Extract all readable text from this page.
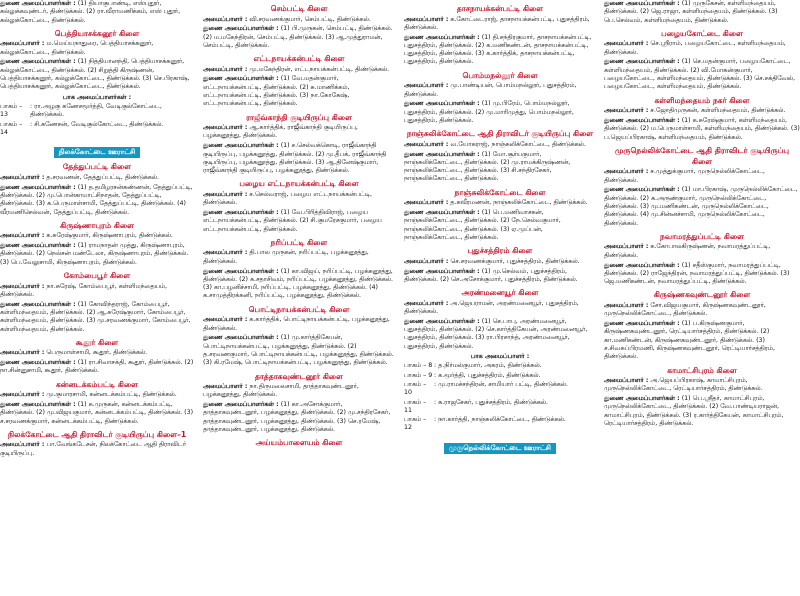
துணை அமைப்பாளர்கள் : (1) தியாகுபாண்டி, எஸ்புதூர், கல்லுக்கவுண்டர், திண்டுக்கல். (2) ரா.வீராமணிக்கம், எஸ் புதூர், கல்லுக்கோட்டை, திண்டுக்கல்.
பெத்தியாசக்கனூர் கிளை
அமைப்பாளர் : ம.மெய்யநாதுரை, பெத்தியாசக்கனூர், கல்லுக்கோட்டை, திண்டுக்கல்.
துணை அமைப்பாளர்கள் : (1) நித்தியானந்தி, பெத்தியாசக்கனூர், கல்லுக்கோட்டை, திண்டுக்கல். (2) சிறுத்தி கிருஷ்ணன், பெத்தியாசக்கனூர், கல்லுக்கோட்டை, திண்டுக்கல். (3) செ.பிரகாஷ், பெத்தியாசக்கனூர், கல்லுக்கோட்டை, திண்டுக்கல்.
பாக அமைப்பாளர்கள் :
பாகம் – 13
: ரா.அழகு கணேசமூர்த்தி, வேடிகுல்கோட்டை, திண்டுக்கல்.
பாகம் – 14
: சி.கணேசன், வேடிகுல்கோட்டை, திண்டுக்கல்.
நிலக்கோட்டை ஊராட்சி
தேத்துப்பட்டி கிளை
அமைப்பாளர் : த.சரவணன், தேத்துப்பட்டி, திண்டுக்கல்.
துணை அமைப்பாளர்கள் : (1) த.தமிழரசன்கண்ணன், தேத்துப்பட்டி, திண்டுக்கல். (2) மு.பொன்காமாட்சிநாதன், தேத்துப்பட்டி, திண்டுக்கல். (3) க.பெருமாள்சாமி, தேத்துப்பட்டி, திண்டுக்கல். (4) வீரமணிசெல்வன், தேத்துப்பட்டி, திண்டுக்கல்.
கிருஷ்ணாபுரம் கிளை
அமைப்பாளர் : க.சுரேஷ்குமார், கிருஷ்ணாபுரம், திண்டுக்கல்.
துணை அமைப்பாளர்கள் : (1) ராமநாதன் முத்து, கிருஷ்ணாபுரம், திண்டுக்கல். (2) நெல்சன் மண்டேலா, கிருஷ்ணாபுரம், திண்டுக்கல். (3) பெ.வேலுசாமி, கிருஷ்ணாபுரம், திண்டுக்கல்.
கோம்பைபூர் கிளை
அமைப்பாளர் : நா.சுரேஷ், கோம்பைபூர், கள்ளிமந்தையம், திண்டுக்கல்.
துணை அமைப்பாளர்கள் : (1) கோவிந்தராஜ், கோம்பைபூர், கள்ளிமந்தையம், திண்டுக்கல். (2) ஆ.சுரேஷ்குமார், கோம்பைபூர், கள்ளிமந்தையம், திண்டுக்கல். (3) மு.சரவணக்குமார், கோம்பைபூர், கள்ளிமந்தையம், திண்டுக்கல்.
கூதூர் கிளை
அமைப்பாளர் : பெருமாள்சாமி, கூதூர், திண்டுக்கல்.
துணை அமைப்பாளர்கள் : (1) ரா.சிவாசக்தி, கூதூர், திண்டுக்கல். (2) நா.சின்னுசாமி, கூதூர், திண்டுக்கல்.
கன்னடக்கம்பட்டி கிளை
அமைப்பாளர் : மு.குமாரசாமி, கன்னடக்கம்பட்டி, திண்டுக்கல்.
துணை அமைப்பாளர்கள் : (1) க.முருகன், கன்னடக்கம்பட்டி, திண்டுக்கல். (2) மு.விஜயகுமார், கன்னடக்கம்பட்டி, திண்டுக்கல். (3) ச.சரவணக்குமார், கன்னடக்கம்பட்டி, திண்டுக்கல்.
நிலக்கோட்டை ஆதி திராவிடர் குடியிருப்பு கிளை–1
அமைப்பாளர் : பா.வேங்கடேசன், நிலக்கோட்டை ஆதி திராவிடர் குடியிருப்பு.
செம்பட்டி கிளை
அமைப்பாளர் : வி.சரவணக்குமார், செம்பட்டி, திண்டுக்கல்.
துணை அமைப்பாளர்கள் : (1) பி.முருகன், செம்பட்டி, திண்டுக்கல். (2) ம.மகேந்திரன், செம்பட்டி, திண்டுக்கல். (3) ஆ.முத்துராமன், செம்பட்டி, திண்டுக்கல்.
எட்டநாயக்கன்பட்டி கிளை
அமைப்பாளர் : மு.மகேந்திரன், எட்டநாயக்கன்பட்டி, திண்டுக்கல்.
துணை அமைப்பாளர்கள் : (1) வே.மதன்குமார், எட்டநாயக்கன்பட்டி, திண்டுக்கல். (2) சு.மாணிக்கம், எட்டநாயக்கன்பட்டி, திண்டுக்கல். (3) நா.கோகேஷ், எட்டநாயக்கன்பட்டி, திண்டுக்கல்.
ராஜீவ்காந்தி குடியிருப்பு கிளை
அமைப்பாளர் : ஆ.கார்த்திக், ராஜீவ்காந்தி குடியிருப்பு, பழக்கனூத்து, திண்டுக்கல்.
துணை அமைப்பாளர்கள் : (1) ச.செல்வக்கொடி, ராஜீவ்காந்தி குடியிருப்பு, பழக்கனூத்து, திண்டுக்கல். (2) மு.தீபக், ராஜீவ்காந்தி குடியிருப்பு, பழக்கனூத்து, திண்டுக்கல். (3) ஆ.தினேஷ்குமார், ராஜீவ்காந்தி குடியிருப்பு, பழக்கனூத்து, திண்டுக்கல்.
பழைய எட்டநாயக்கன்பட்டி கிளை
அமைப்பாளர் : ச.செல்வராஜ், பழைய எட்டநாயக்கன்பட்டி, திண்டுக்கல்.
துணை அமைப்பாளர்கள் : (1) வே.பிரித்திவிராஜ், பழைய எட்டநாயக்கன்பட்டி, திண்டுக்கல். (2) சி.குமரேசகுமார், பழைய எட்டநாயக்கன்பட்டி, திண்டுக்கல்.
நரிப்பட்டி கிளை
அமைப்பாளர் : தி.பால முருகன், நரிப்பட்டி, பழக்கனூத்து, திண்டுக்கல்.
துணை அமைப்பாளர்கள் : (1) கா.விஜய், நரிப்பட்டி, பழக்கனூத்து, திண்டுக்கல். (2) க.சதாசிவம், நரிப்பட்டி, பழக்கனூத்து, திண்டுக்கல். (3) கா.பழனிச்சாமி, நரிப்பட்டி, பழக்கனூத்து, திண்டுக்கல். (4) க.சாமுத்திரக்கனி, நரிப்பட்டி, பழக்கனூத்து, திண்டுக்கல்.
பொட்டிநாயக்கன்பட்டி கிளை
அமைப்பாளர் : க.கார்த்திக், பொட்டிநாயக்கன்பட்டி, பழக்கனூத்து, திண்டுக்கல்.
துணை அமைப்பாளர்கள் : (1) மு.கார்த்திகேயன், பொட்டிநாயக்கன்பட்டி, பழக்கனூத்து, திண்டுக்கல். (2) த.சரவணகுமார், பொட்டிநாயக்கன்பட்டி, பழக்கனூத்து, திண்டுக்கல். (3) கி.ரமேஷ், பொட்டிநாயக்கன்பட்டி, பழக்கனூத்து, திண்டுக்கல்.
தாத்தாகவுண்டனூர் கிளை
அமைப்பாளர் : நா.திருமலைசாமி, தாத்தாகவுண்டனூர், பழக்கனூத்து, திண்டுக்கல்.
துணை அமைப்பாளர்கள் : (1) கா.அசோக்குமார், தாத்தாகவுண்டனூர், பழக்கனூத்து, திண்டுக்கல். (2) மு.சந்திரசேகர், தாத்தாகவுண்டனூர், பழக்கனூத்து, திண்டுக்கல். (3) செ.ரமேஷ், தாத்தாகவுண்டனூர், பழக்கனூத்து, திண்டுக்கல்.
அய்யம்பாளையம் கிளை
தாசநாயக்கன்பட்டி கிளை
அமைப்பாளர் : க.கோட்டைராஜ், தாசநாயக்கன்பட்டி, புதுசத்திரம், திண்டுக்கல்.
துணை அமைப்பாளர்கள் : (1) தி.சந்திரகுமார், தாசநாயக்கன்பட்டி, புதுசத்திரம், திண்டுக்கல். (2) க.மணிகண்டன், தாசநாயக்கன்பட்டி, புதுசத்திரம், திண்டுக்கல். (3) க.கார்த்திக், தாசநாயக்கன்பட்டி, புதுசத்திரம், திண்டுக்கல்.
பொம்மநல்லூர் கிளை
அமைப்பாளர் : மு.பாண்டியன், பொம்மநல்லூர், புதுசத்திரம், திண்டுக்கல்.
துணை அமைப்பாளர்கள் : (1) மு.பிரேம், பொம்மநல்லூர், புதுசத்திரம், திண்டுக்கல். (2) மு.மாரிமுத்து, பொம்மநல்லூர், புதுசத்திரம், திண்டுக்கல்.
நாஞ்சுலிக்கோட்டை ஆதி திராவிடர் குடியிருப்பு கிளை
அமைப்பாளர் : வ.யோகராஜ், நாஞ்சுலிக்கோட்டை, திண்டுக்கல்.
துணை அமைப்பாளர்கள் : (1) மோ.சூர்யகுமார், நாஞ்சுலிக்கோட்டை, திண்டுக்கல். (2) மு.ராமக்கிருஷ்ணன், நாஞ்சுலிக்கோட்டை, திண்டுக்கல். (3) சி.சந்திரசேகர், நாஞ்சுலிக்கோட்டை, திண்டுக்கல்.
நாஞ்சுலிக்கோட்டை கிளை
அமைப்பாளர் : த.சுவீரமணன், நாஞ்சுலிக்கோட்டை, திண்டுக்கல்.
துணை அமைப்பாளர்கள் : (1) பெ.மணிவாசகன், நாஞ்சுலிக்கோட்டை, திண்டுக்கல். (2) நே.செல்வகுமார், நாஞ்சுலிக்கோட்டை, திண்டுக்கல். (3) ஏ.முப்பன், நாஞ்சுலிக்கோட்டை, திண்டுக்கல்.
புதுச்சத்திரம் கிளை
அமைப்பாளர் : செ.சரவணக்குமார், புதுச்சத்திரம், திண்டுக்கல்.
துணை அமைப்பாளர்கள் : (1) மு.செல்வம், புதுச்சத்திரம், திண்டுக்கல். (2) செ.அசோக்குமார், புதுச்சத்திரம், திண்டுக்கல்.
அரண்மனையூர் கிளை
அமைப்பாளர் : அ.ஜெயராமன், அரண்மனையூர், புதுசத்திரம், திண்டுக்கல்.
துணை அமைப்பாளர்கள் : (1) செ.பாபு, அரண்மனையூர், புதுசத்திரம், திண்டுக்கல். (2) செ.கார்த்திகேயன், அரண்மனையூர், புதுசத்திரம், திண்டுக்கல். (3) ரா.பிரசாந்த், அரண்மனையூர், புதுசத்திரம், திண்டுக்கல்.
பாக அமைப்பாளர் :
பாகம் – 8 : த.நிர்மல்குமார், அகரம், திண்டுக்கல்.
பாகம் – 9 : க.மூர்த்தி, புதுச்சத்திரம், திண்டுக்கல்.
பாகம் – 10
: மு.ராமச்சந்திரன், சாமியார் பட்டி, திண்டுக்கல்.
பாகம் – 11
: க.ராஜசேகர், புதுச்சத்திரம், திண்டுக்கல்.
பாகம் – 12
: நா.கார்த்தி, நாஞ்சுலிக்கோட்டை, திண்டுக்கல்.
முருநெல்லிக்கோட்டை ஊராட்சி
துணை அமைப்பாளர்கள் : (1) முருகேசன், கள்ளிமந்தையம், திண்டுக்கல். (2) ஜெ.ராஜா, கள்ளிமந்தையம், திண்டுக்கல். (3) பெ.செல்வம், கள்ளிமந்தையம், திண்டுக்கல்.
பழையகோட்டை கிளை
அமைப்பாளர் : செ.ஸ்ரீராம், பழையகோட்டை, கள்ளிமந்தையம், திண்டுக்கல்.
துணை அமைப்பாளர்கள் : (1) செ.மதன்குமார், பழையகோட்டை, கள்ளிமந்தையம், திண்டுக்கல். (2) வி.மோகன்குமார், பழையகோட்டை, கள்ளிமந்தையம், திண்டுக்கல். (3) செ.சக்திவேல், பழையகோட்டை, கள்ளிமந்தையம், திண்டுக்கல்.
கள்ளிமந்தையம் நகர் கிளை
அமைப்பாளர் : ச.ஜோதிமுருகன், கள்ளிமந்தையம், திண்டுக்கல்.
துணை அமைப்பாளர்கள் : (1) க.சுரேஷ்குமார், கள்ளிமந்தையம், திண்டுக்கல். (2) ம.பெருமாள்சாமி, கள்ளிமந்தையம், திண்டுக்கல். (3) ப.ஜெயப்பிரகாஷ், கள்ளிமந்தையம், திண்டுக்கல்.
முருநெல்லிக்கோட்டை ஆதி திராவிடர் குடியிருப்பு கிளை
அமைப்பாளர் : ச.முத்துக்குமார், முருநெல்லிக்கோட்டை, திண்டுக்கல்.
துணை அமைப்பாளர்கள் : (1) மா.பிரகாஷ், முருநெல்லிக்கோட்டை, திண்டுக்கல். (2) க.அருண்குமார், முருநெல்லிக்கோட்டை, திண்டுக்கல். (3) மு.மணிகண்டன், முருநெல்லிக்கோட்டை, திண்டுக்கல். (4) மு.சின்னச்சாமி, முருநெல்லிக்கோட்டை, திண்டுக்கல்.
நவாமரத்துப்பட்டி கிளை
அமைப்பாளர் : க.கோபாலகிருஷ்ணன், நவாமரத்துப்பட்டி, திண்டுக்கல்.
துணை அமைப்பாளர்கள் : (1) சதீஸ்குமார், நவாமரத்துப்பட்டி, திண்டுக்கல். (2) ராஜேந்திரன், நவாமரத்துப்பட்டி, திண்டுக்கல். (3) ஜெ.மணிகண்டன், நவாமரத்துப்பட்டி, திண்டுக்கல்.
கிருஷ்ணகவுண்டனூர் கிளை
அமைப்பாளர் : சோ.விஜயகுமார், கிருஷ்ணகவுண்டனூர், முருநெல்லிக்கோட்டை, திண்டுக்கல்.
துணை அமைப்பாளர்கள் : (1) ப.கிருஷ்ணகுமார், கிருஷ்ணகவுண்டனூர், ரெட்டியார்சத்திரம், திண்டுக்கல். (2) கா.மணிகண்டன், கிருஷ்ணகவுண்டனூர், திண்டுக்கல். (3) ச.சிவசுப்பிரமணி, கிருஷ்ணகவுண்டனூர், ரெட்டியார்சத்திரம், திண்டுக்கல்.
காமாட்சிபுரம் கிளை
அமைப்பாளர் : அ.ஜெயப்பிரகாஷ், காமாட்சிபுரம், முருநெல்லிக்கோட்டை, ரெட்டியார்சத்திரம், திண்டுக்கல்.
துணை அமைப்பாளர்கள் : (1) பெ.ஸ்ரீதர், காமாட்சிபுரம், முருநெல்லிக்கோட்டை, திண்டுக்கல். (2) வே.பாண்டியராஜன், காமாட்சிபுரம், திண்டுக்கல். (3) ர.கார்த்திகேயன், காமாட்சிபுரம், ரெட்டியார்சத்திரம், திண்டுக்கல்.
